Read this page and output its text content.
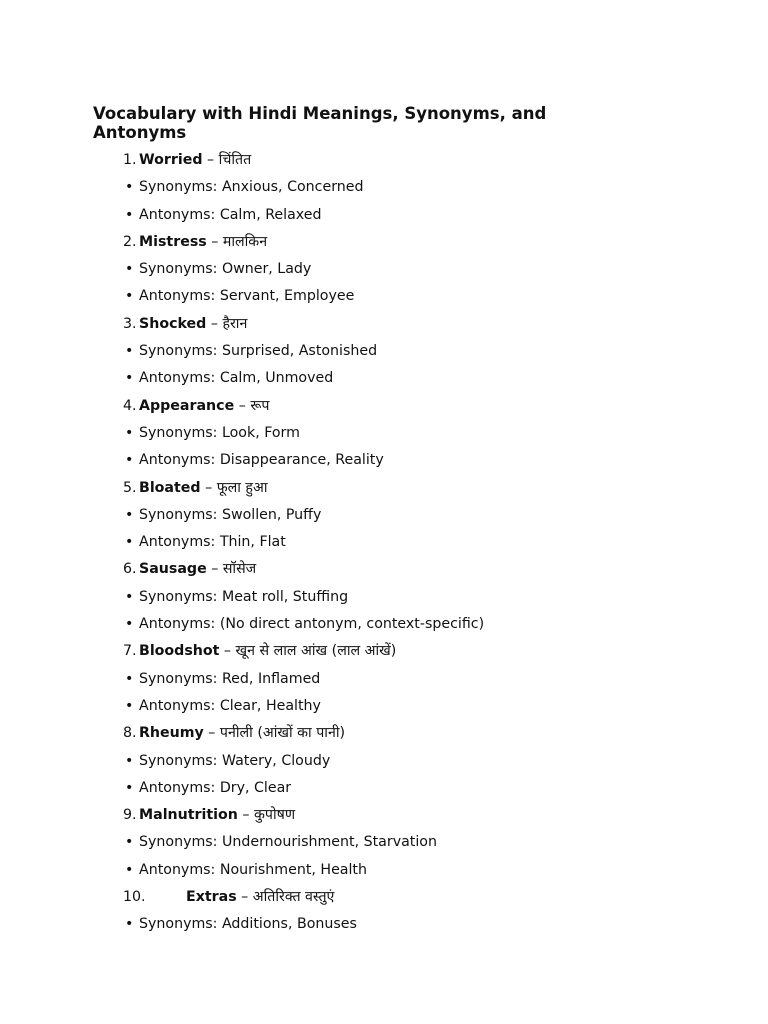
Vocabulary with Hindi Meanings, Synonyms, and Antonyms
1. Worried – चिंतित
• Synonyms: Anxious, Concerned
• Antonyms: Calm, Relaxed
2. Mistress – मालकिन
• Synonyms: Owner, Lady
• Antonyms: Servant, Employee
3. Shocked – हैरान
• Synonyms: Surprised, Astonished
• Antonyms: Calm, Unmoved
4. Appearance – रूप
• Synonyms: Look, Form
• Antonyms: Disappearance, Reality
5. Bloated – फूला हुआ
• Synonyms: Swollen, Puffy
• Antonyms: Thin, Flat
6. Sausage – सॉसेज
• Synonyms: Meat roll, Stuffing
• Antonyms: (No direct antonym, context-specific)
7. Bloodshot – खून से लाल आंख (लाल आंखें)
• Synonyms: Red, Inflamed
• Antonyms: Clear, Healthy
8. Rheumy – पनीली (आंखों का पानी)
• Synonyms: Watery, Cloudy
• Antonyms: Dry, Clear
9. Malnutrition – कुपोषण
• Synonyms: Undernourishment, Starvation
• Antonyms: Nourishment, Health
10.	Extras – अतिरिक्त वस्तुएं
• Synonyms: Additions, Bonuses
